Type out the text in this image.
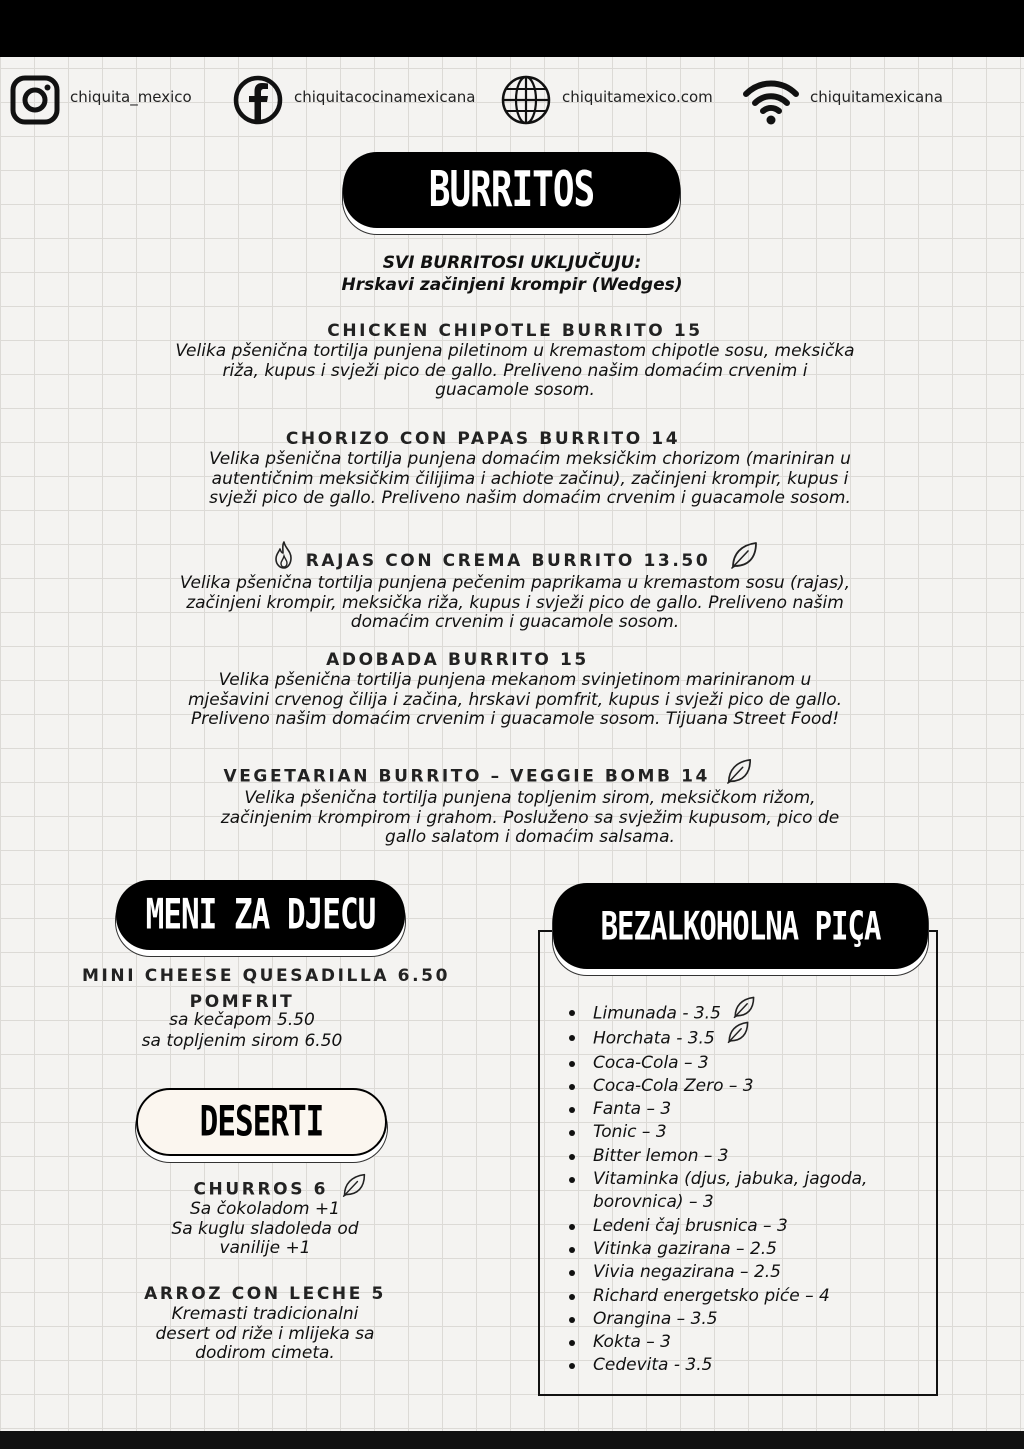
chiquita_mexico	chiquitacocinamexicana	chiquitamexico.com	chiquitamexicana
BURRITOS
SVI BURRITOSI UKLJUČUJU:
Hrskavi začinjeni krompir (Wedges)
CHICKEN CHIPOTLE BURRITO 15
Velika pšenična tortilja punjena piletinom u kremastom chipotle sosu, meksička
riža, kupus i svježi pico de gallo. Preliveno našim domaćim crvenim i
guacamole sosom.
CHORIZO CON PAPAS BURRITO 14
Velika pšenična tortilja punjena domaćim meksičkim chorizom (mariniran u
autentičnim meksičkim čilijima i achiote začinu), začinjeni krompir, kupus i
svježi pico de gallo. Preliveno našim domaćim crvenim i guacamole sosom.
RAJAS CON CREMA BURRITO 13.50
Velika pšenična tortilja punjena pečenim paprikama u kremastom sosu (rajas),
začinjeni krompir, meksička riža, kupus i svježi pico de gallo. Preliveno našim
domaćim crvenim i guacamole sosom.
ADOBADA BURRITO 15
Velika pšenična tortilja punjena mekanom svinjetinom mariniranom u
mješavini crvenog čilija i začina, hrskavi pomfrit, kupus i svježi pico de gallo.
Preliveno našim domaćim crvenim i guacamole sosom. Tijuana Street Food!
VEGETARIAN BURRITO – VEGGIE BOMB 14
Velika pšenična tortilja punjena topljenim sirom, meksičkom rižom,
začinjenim krompirom i grahom. Posluženo sa svježim kupusom, pico de
gallo salatom i domaćim salsama.
MENI ZA DJECU
MINI CHEESE QUESADILLA 6.50
POMFRIT
sa kečapom 5.50
sa topljenim sirom 6.50
DESERTI
CHURROS 6
Sa čokoladom +1
Sa kuglu sladoleda od
vanilije +1
ARROZ CON LECHE 5
Kremasti tradicionalni
desert od riže i mlijeka sa
dodirom cimeta.
BEZALKOHOLNA PIÇA
Limunada - 3.5
Horchata - 3.5
Coca-Cola – 3
Coca-Cola Zero – 3
Fanta – 3
Tonic – 3
Bitter lemon – 3
Vitaminka (djus, jabuka, jagoda,
borovnica) – 3
Ledeni čaj brusnica – 3
Vitinka gazirana – 2.5
Vivia negazirana – 2.5
Richard energetsko piće – 4
Orangina – 3.5
Kokta – 3
Cedevita - 3.5
